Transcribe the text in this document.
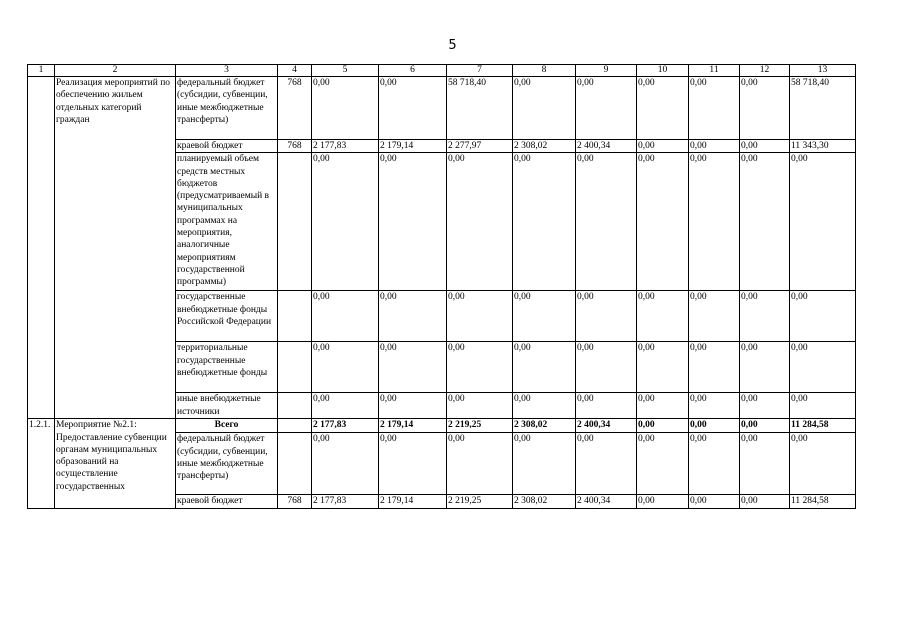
5
1	2	3	4	5	6	7	8	9	10	11	12	13
	Реализация мероприятий по обеспечению жильем отдельных категорий граждан	федеральный бюджет (субсидии, субвенции, иные межбюджетные трансферты)	768	0,00	0,00	58 718,40	0,00	0,00	0,00	0,00	0,00	58 718,40
		краевой бюджет	768	2 177,83	2 179,14	2 277,97	2 308,02	2 400,34	0,00	0,00	0,00	11 343,30
		планируемый объем средств местных бюджетов (предусматриваемый в муниципальных программах на мероприятия, аналогичные мероприятиям государственной программы)		0,00	0,00	0,00	0,00	0,00	0,00	0,00	0,00	0,00
		государственные внебюджетные фонды Российской Федерации		0,00	0,00	0,00	0,00	0,00	0,00	0,00	0,00	0,00
		территориальные государственные внебюджетные фонды		0,00	0,00	0,00	0,00	0,00	0,00	0,00	0,00	0,00
		иные внебюджетные источники		0,00	0,00	0,00	0,00	0,00	0,00	0,00	0,00	0,00
1.2.1.	Мероприятие №2.1: Предоставление субвенции органам муниципальных образований на осуществление государственных	Всего		2 177,83	2 179,14	2 219,25	2 308,02	2 400,34	0,00	0,00	0,00	11 284,58
		федеральный бюджет (субсидии, субвенции, иные межбюджетные трансферты)		0,00	0,00	0,00	0,00	0,00	0,00	0,00	0,00	0,00
		краевой бюджет	768	2 177,83	2 179,14	2 219,25	2 308,02	2 400,34	0,00	0,00	0,00	11 284,58
